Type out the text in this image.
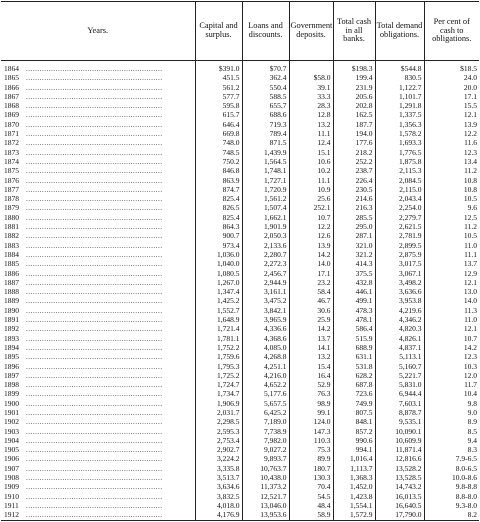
Years.	Capital and surplus.	Loans and discounts.	Government deposits.	Total cash in all banks.	Total demand obligations.	Per cent of cash to obligations.
1864 ............................................................	$391.0	$70.7		$198.3	$544.8	$18.5
1865 ............................................................	451.5	362.4	$58.0	199.4	830.5	24.0
1866 ............................................................	561.2	550.4	39.1	231.9	1,122.7	20.0
1867 ............................................................	577.7	588.5	33.3	205.6	1,101.7	17.1
1868 ............................................................	595.8	655.7	28.3	202.8	1,291.8	15.5
1869 ............................................................	615.7	688.6	12.8	162.5	1,337.5	12.1
1870 ............................................................	646.4	719.3	13.2	187.7	1,356.3	13.9
1871 ............................................................	669.8	789.4	11.1	194.0	1,578.2	12.2
1872 ............................................................	748.0	871.5	12.4	177.6	1,693.3	11.6
1873 ............................................................	748.5	1,439.9	15.1	218.2	1,776.5	12.3
1874 ............................................................	750.2	1,564.5	10.6	252.2	1,875.8	13.4
1875 ............................................................	846.8	1,748.1	10.2	238.7	2,115.3	11.2
1876 ............................................................	863.9	1,727.1	11.1	226.4	2,084.5	10.8
1877 ............................................................	874.7	1,720.9	10.9	230.5	2,115.0	10.8
1878 ............................................................	825.4	1,561.2	25.6	214.6	2,043.4	10.5
1879 ............................................................	826.5	1,507.4	252.1	216.3	2,254.0	9.6
1880 ............................................................	825.4	1,662.1	10.7	285.5	2,279.7	12.5
1881 ............................................................	864.3	1,901.9	12.2	295.0	2,621.5	11.2
1882 ............................................................	900.7	2,050.3	12.6	287.1	2,781.9	10.5
1883 ............................................................	973.4	2,133.6	13.9	321.0	2,899.5	11.0
1884 ............................................................	1,036.0	2,280.7	14.2	321.2	2,875.9	11.1
1885 ............................................................	1,040.0	2,272.3	14.0	414.3	3,017.5	13.7
1886 ............................................................	1,080.5	2,456.7	17.1	375.5	3,067.1	12.9
1887 ............................................................	1,267.0	2,944.9	23.2	432.8	3,498.2	12.1
1888 ............................................................	1,347.4	3,161.1	58.4	446.1	3,636.6	13.0
1889 ............................................................	1,425.2	3,475.2	46.7	499.1	3,953.8	14.0
1890 ............................................................	1,552.7	3,842.1	30.6	478.3	4,219.6	11.3
1891 ............................................................	1,648.9	3,965.9	25.9	478.1	4,346.2	11.0
1892 ............................................................	1,721.4	4,336.6	14.2	586.4	4,820.3	12.1
1893 ............................................................	1,781.1	4,368.6	13.7	515.9	4,826.1	10.7
1894 ............................................................	1,752.2	4,085.0	14.1	688.9	4,837.1	14.2
1895 ............................................................	1,759.6	4,268.8	13.2	631.1	5,113.1	12.3
1896 ............................................................	1,795.3	4,251.1	15.4	531.8	5,160.7	10.3
1897 ............................................................	1,725.2	4,216.0	16.4	628.2	5,221.7	12.0
1898 ............................................................	1,724.7	4,652.2	52.9	687.8	5,831.0	11.7
1899 ............................................................	1,734.7	5,177.6	76.3	723.6	6,944.4	10.4
1900 ............................................................	1,906.9	5,657.5	98.9	749.9	7,603.1	9.8
1901 ............................................................	2,031.7	6,425.2	99.1	807.5	8,878.7	9.0
1902 ............................................................	2,298.5	7,189.0	124.0	848.1	9,535.1	8.9
1903 ............................................................	2,595.3	7,738.9	147.3	857.2	10,090.1	8.5
1904 ............................................................	2,753.4	7,982.0	110.3	990.6	10,609.9	9.4
1905 ............................................................	2,902.7	9,027.2	75.3	994.1	11,871.4	8.3
1906 ............................................................	3,224.2	9,893.7	89.9	1,016.4	12,816.6	7.9-6.5
1907 ............................................................	3,335.8	10,763.7	180.7	1,113.7	13,528.2	8.0-6.5
1908 ............................................................	3,513.7	10,438.0	130.3	1,368.3	13,528.5	10.0-8.6
1909 ............................................................	3,634.6	11,373.2	70.4	1,452.0	14,743.2	9.8-8.8
1910 ............................................................	3,832.5	12,521.7	54.5	1,423.8	16,013.5	8.8-8.0
1911 ............................................................	4,018.0	13,046.0	48.4	1,554.1	16,640.5	9.3-8.0
1912 ............................................................	4,176.9	13,953.6	58.9	1,572.9	17,790.0	8.2
